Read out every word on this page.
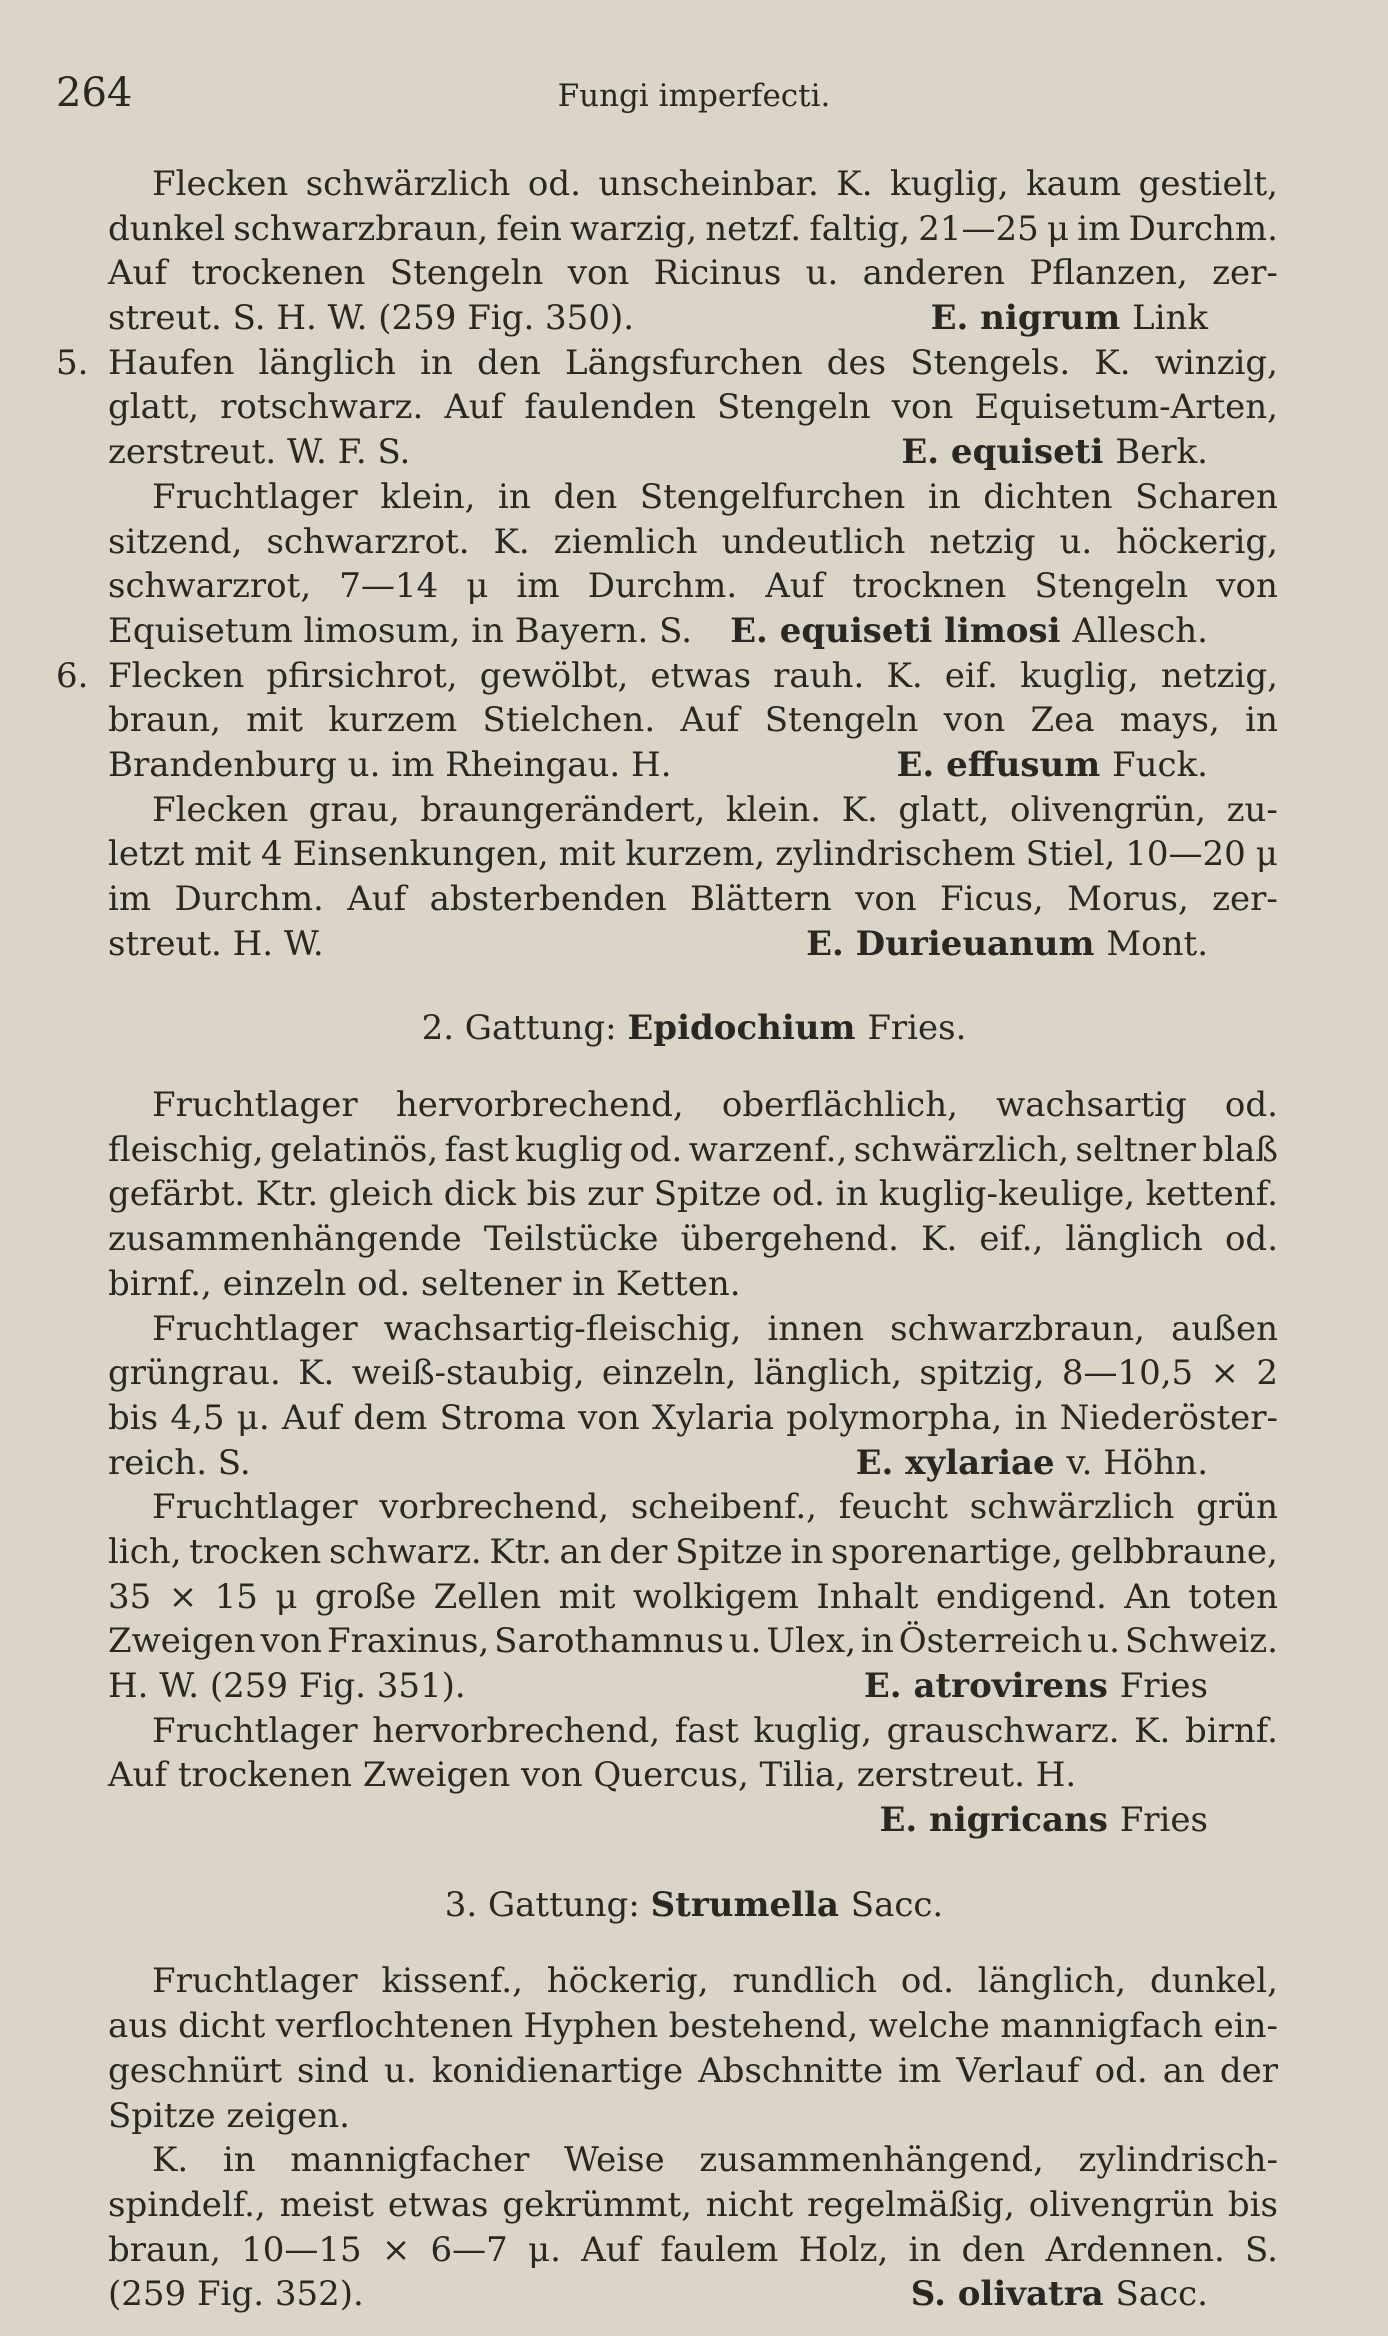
264	Fungi imperfecti.
Flecken schwärzlich od. unscheinbar. K. kuglig, kaum gestielt,
dunkel schwarzbraun, fein warzig, netzf. faltig, 21—25 μ im Durchm.
Auf trockenen Stengeln von Ricinus u. anderen Pflanzen, zer-
streut. S. H. W. (259 Fig. 350).	E. nigrum Link
5. Haufen länglich in den Längsfurchen des Stengels. K. winzig,
glatt, rotschwarz. Auf faulenden Stengeln von Equisetum-Arten,
zerstreut. W. F. S.	E. equiseti Berk.
Fruchtlager klein, in den Stengelfurchen in dichten Scharen
sitzend, schwarzrot. K. ziemlich undeutlich netzig u. höckerig,
schwarzrot, 7—14 μ im Durchm. Auf trocknen Stengeln von
Equisetum limosum, in Bayern. S.	E. equiseti limosi Allesch.
6. Flecken pfirsichrot, gewölbt, etwas rauh. K. eif. kuglig, netzig,
braun, mit kurzem Stielchen. Auf Stengeln von Zea mays, in
Brandenburg u. im Rheingau. H.	E. effusum Fuck.
Flecken grau, braungerändert, klein. K. glatt, olivengrün, zu-
letzt mit 4 Einsenkungen, mit kurzem, zylindrischem Stiel, 10—20 μ
im Durchm. Auf absterbenden Blättern von Ficus, Morus, zer-
streut. H. W.	E. Durieuanum Mont.
2. Gattung: Epidochium Fries.
Fruchtlager hervorbrechend, oberflächlich, wachsartig od.
fleischig, gelatinös, fast kuglig od. warzenf., schwärzlich, seltner blaß
gefärbt. Ktr. gleich dick bis zur Spitze od. in kuglig-keulige, kettenf.
zusammenhängende Teilstücke übergehend. K. eif., länglich od.
birnf., einzeln od. seltener in Ketten.
Fruchtlager wachsartig-fleischig, innen schwarzbraun, außen
grüngrau. K. weiß-staubig, einzeln, länglich, spitzig, 8—10,5 × 2
bis 4,5 μ. Auf dem Stroma von Xylaria polymorpha, in Niederöster-
reich. S.	E. xylariae v. Höhn.
Fruchtlager vorbrechend, scheibenf., feucht schwärzlich grün
lich, trocken schwarz. Ktr. an der Spitze in sporenartige, gelbbraune,
35 × 15 μ große Zellen mit wolkigem Inhalt endigend. An toten
Zweigen von Fraxinus, Sarothamnus u. Ulex, in Österreich u. Schweiz.
H. W. (259 Fig. 351).	E. atrovirens Fries
Fruchtlager hervorbrechend, fast kuglig, grauschwarz. K. birnf.
Auf trockenen Zweigen von Quercus, Tilia, zerstreut. H.
E. nigricans Fries
3. Gattung: Strumella Sacc.
Fruchtlager kissenf., höckerig, rundlich od. länglich, dunkel,
aus dicht verflochtenen Hyphen bestehend, welche mannigfach ein-
geschnürt sind u. konidienartige Abschnitte im Verlauf od. an der
Spitze zeigen.
K. in mannigfacher Weise zusammenhängend, zylindrisch-
spindelf., meist etwas gekrümmt, nicht regelmäßig, olivengrün bis
braun, 10—15 × 6—7 μ. Auf faulem Holz, in den Ardennen. S.
(259 Fig. 352).	S. olivatra Sacc.
